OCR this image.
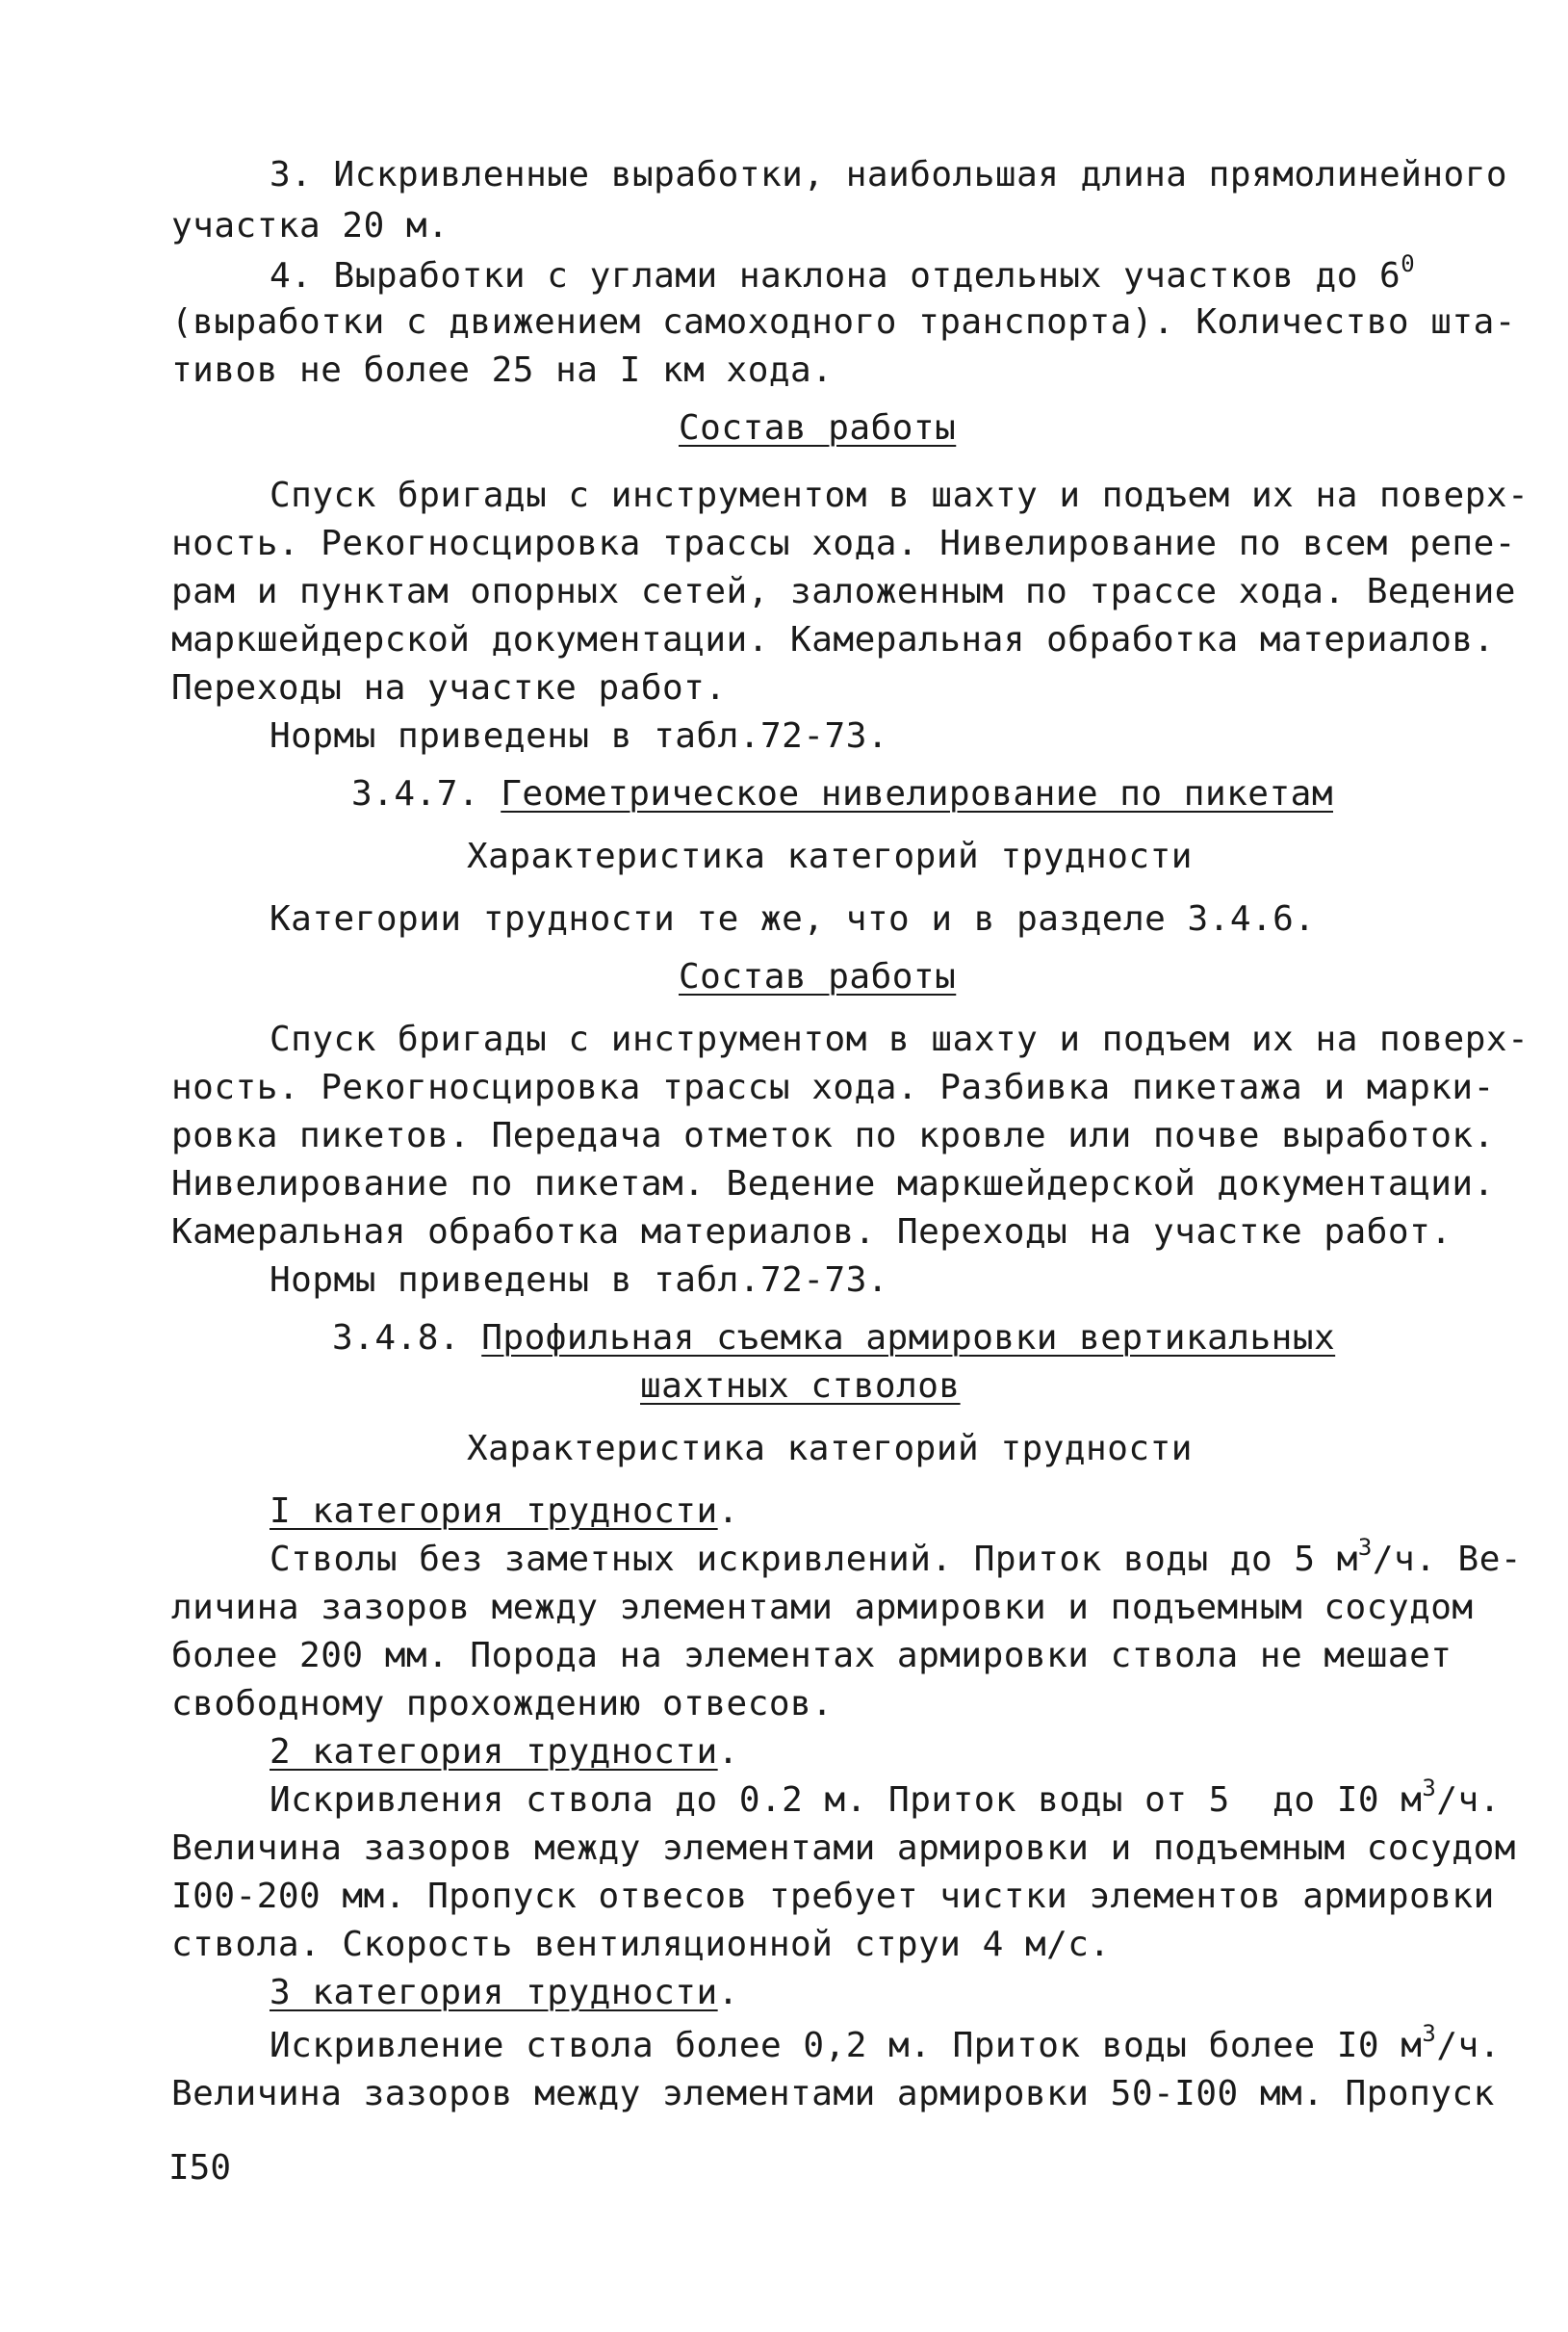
3. Искривленные выработки, наибольшая длина прямолинейного
участка 20 м.
4. Выработки с углами наклона отдельных участков до $6^0$
(выработки с движением самоходного транспорта). Количество шта-
тивов не более 25 на I км хода.
Состав работы
Спуск бригады с инструментом в шахту и подъем их на поверх-
ность. Рекогносцировка трассы хода. Нивелирование по всем репе-
рам и пунктам опорных сетей, заложенным по трассе хода. Ведение
маркшейдерской документации. Камеральная обработка материалов.
Переходы на участке работ.
Нормы приведены в табл.72-73.
3.4.7. Геометрическое нивелирование по пикетам
Характеристика категорий трудности
Категории трудности те же, что и в разделе 3.4.6.
Состав работы
Спуск бригады с инструментом в шахту и подъем их на поверх-
ность. Рекогносцировка трассы хода. Разбивка пикетажа и марки-
ровка пикетов. Передача отметок по кровле или почве выработок.
Нивелирование по пикетам. Ведение маркшейдерской документации.
Камеральная обработка материалов. Переходы на участке работ.
Нормы приведены в табл.72-73.
3.4.8. Профильная съемка армировки вертикальных
шахтных стволов
Характеристика категорий трудности
I категория трудности.
Стволы без заметных искривлений. Приток воды до 5 $м^3/ч$. Ве-
личина зазоров между элементами армировки и подъемным сосудом
более 200 мм. Порода на элементах армировки ствола не мешает
свободному прохождению отвесов.
2 категория трудности.
Искривления ствола до 0.2 м. Приток воды от 5  до I0 $м^3/ч$.
Величина зазоров между элементами армировки и подъемным сосудом
I00-200 мм. Пропуск отвесов требует чистки элементов армировки
ствола. Скорость вентиляционной струи 4 м/с.
3 категория трудности.
Искривление ствола более 0,2 м. Приток воды более I0 $м^3/ч$.
Величина зазоров между элементами армировки 50-I00 мм. Пропуск
I50
